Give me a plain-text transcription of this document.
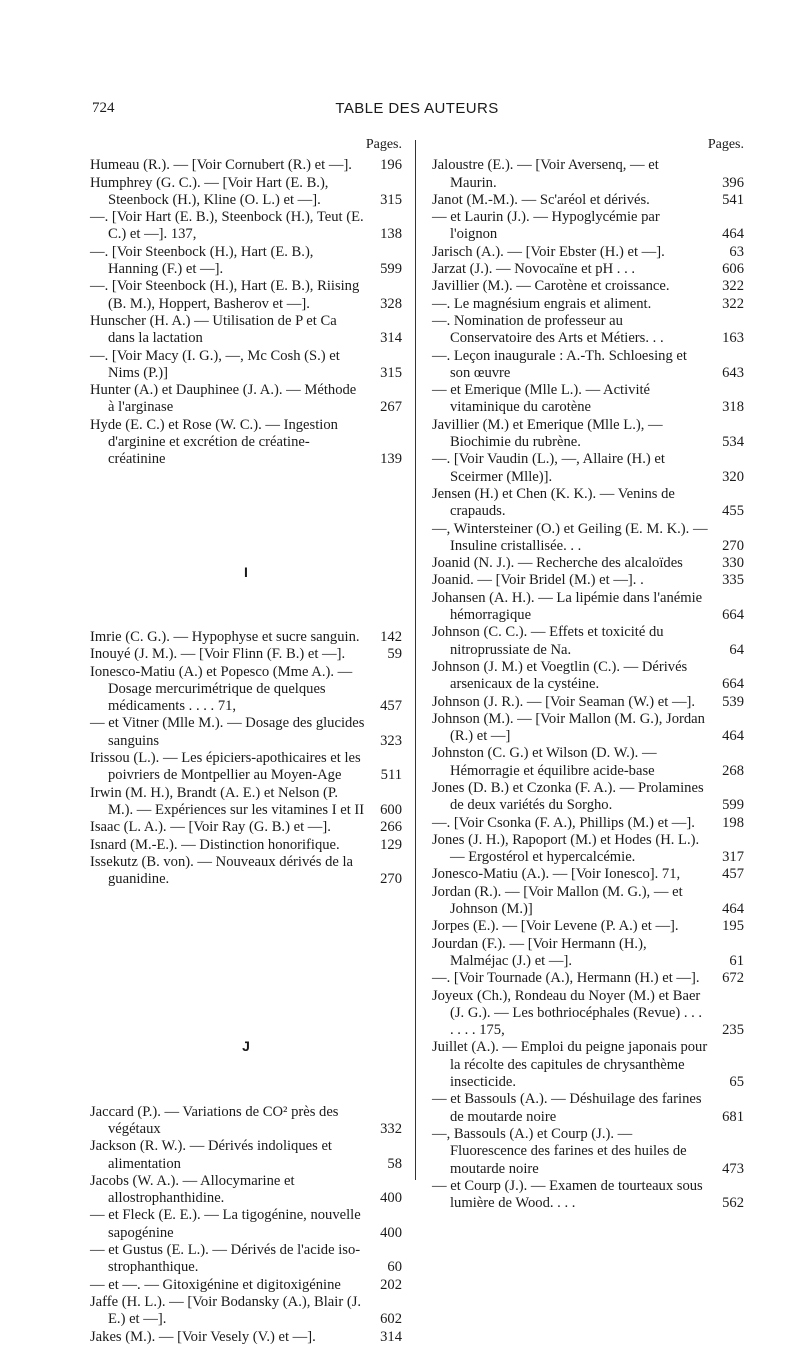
724	TABLE DES AUTEURS
Pages.

Humeau (R.). — [Voir Cornubert (R.) et —]. 196

Humphrey (G. C.). — [Voir Hart (E. B.), Steenbock (H.), Kline (O. L.) et —].	315

—. [Voir Hart (E. B.), Steenbock (H.), Teut (E. C.) et —]. 137,	138

—. [Voir Steenbock (H.), Hart (E. B.), Hanning (F.) et —].	599

—. [Voir Steenbock (H.), Hart (E. B.), Riising (B. M.), Hoppert, Basherov et —].	328

Hunscher (H. A.) — Utilisation de P et Ca dans la lactation	314

—. [Voir Macy (I. G.), —, Mc Cosh (S.) et Nims (P.)]	315

Hunter (A.) et Dauphinee (J. A.). — Méthode à l'arginase	267

Hyde (E. C.) et Rose (W. C.). — Ingestion d'arginine et excrétion de créatine-créatinine	139

I

Imrie (C. G.). — Hypophyse et sucre sanguin. 142

Inouyé (J. M.). — [Voir Flinn (F. B.) et —].	59

Ionesco-Matiu (A.) et Popesco (Mme A.). — Dosage mercurimétrique de quelques médicaments . . . . 71,	457

— et Vitner (Mlle M.). — Dosage des glucides sanguins	323

Irissou (L.). — Les épiciers-apothicaires et les poivriers de Montpellier au Moyen-Age	511

Irwin (M. H.), Brandt (A. E.) et Nelson (P. M.). — Expériences sur les vitamines I et II 600

Isaac (L. A.). — [Voir Ray (G. B.) et —].	266

Isnard (M.-E.). — Distinction honorifique.	129

Issekutz (B. von). — Nouveaux dérivés de la guanidine.	270

J

Jaccard (P.). — Variations de CO² près des végétaux	332

Jackson (R. W.). — Dérivés indoliques et alimentation	58

Jacobs (W. A.). — Allocymarine et allostrophanthidine.	400

— et Fleck (E. E.). — La tigogénine, nouvelle sapogénine	400

— et Gustus (E. L.). — Dérivés de l'acide iso-strophanthique.	60

— et —. — Gitoxigénine et digitoxigénine	202

Jaffe (H. L.). — [Voir Bodansky (A.), Blair (J. E.) et —].	602

Jakes (M.). — [Voir Vesely (V.) et —].	314

Pages.

Jaloustre (E.). — [Voir Aversenq, — et Maurin.	396

Janot (M.-M.). — Sc'aréol et dérivés.	541

— et Laurin (J.). — Hypoglycémie par l'oignon	464

Jarisch (A.). — [Voir Ebster (H.) et —].	63

Jarzat (J.). — Novocaïne et pH . . .	606

Javillier (M.). — Carotène et croissance.	322

—. Le magnésium engrais et aliment.	322

—. Nomination de professeur au Conservatoire des Arts et Métiers. . .	163

—. Leçon inaugurale : A.-Th. Schloesing et son œuvre	643

— et Emerique (Mlle L.). — Activité vitaminique du carotène	318

Javillier (M.) et Emerique (Mlle L.), — Biochimie du rubrène.	534

—. [Voir Vaudin (L.), —, Allaire (H.) et Sceirmer (Mlle)].	320

Jensen (H.) et Chen (K. K.). — Venins de crapauds.	455

—, Wintersteiner (O.) et Geiling (E. M. K.). — Insuline cristallisée. . .	270

Joanid (N. J.). — Recherche des alcaloïdes	330

Joanid. — [Voir Bridel (M.) et —]. .	335

Johansen (A. H.). — La lipémie dans l'anémie hémorragique	664

Johnson (C. C.). — Effets et toxicité du nitroprussiate de Na.	64

Johnson (J. M.) et Voegtlin (C.). — Dérivés arsenicaux de la cystéine.	664

Johnson (J. R.). — [Voir Seaman (W.) et —]. 539

Johnson (M.). — [Voir Mallon (M. G.), Jordan (R.) et —]	464

Johnston (C. G.) et Wilson (D. W.). — Hémorragie et équilibre acide-base	268

Jones (D. B.) et Czonka (F. A.). — Prolamines de deux variétés du Sorgho.	599

—. [Voir Csonka (F. A.), Phillips (M.) et —]. 198

Jones (J. H.), Rapoport (M.) et Hodes (H. L.). — Ergostérol et hypercalcémie.	317

Jonesco-Matiu (A.). — [Voir Ionesco]. 71,	457

Jordan (R.). — [Voir Mallon (M. G.), — et Johnson (M.)]	464

Jorpes (E.). — [Voir Levene (P. A.) et —].	195

Jourdan (F.). — [Voir Hermann (H.), Malméjac (J.) et —].	61

—. [Voir Tournade (A.), Hermann (H.) et —]. 672

Joyeux (Ch.), Rondeau du Noyer (M.) et Baer (J. G.). — Les bothriocéphales (Revue) . . . . . . . 175,	235

Juillet (A.). — Emploi du peigne japonais pour la récolte des capitules de chrysanthème insecticide.	65

— et Bassouls (A.). — Déshuilage des farines de moutarde noire	681

—, Bassouls (A.) et Courp (J.). — Fluorescence des farines et des huiles de moutarde noire	473

— et Courp (J.). — Examen de tourteaux sous lumière de Wood. . . .	562
